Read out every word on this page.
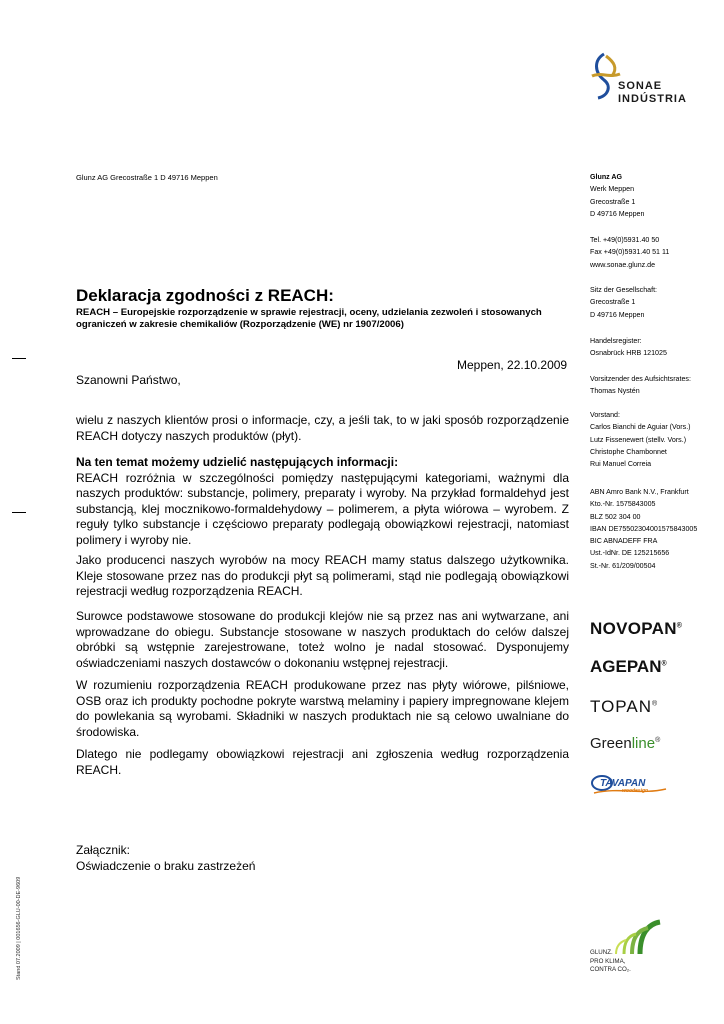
SONAE
INDÚSTRIA
Glunz AG Grecostraße 1 D 49716 Meppen	Glunz AG
Werk Meppen
Grecostraße 1
D 49716 Meppen
Tel. +49(0)5931.40 50
Fax +49(0)5931.40 51 11
www.sonae.glunz.de
Sitz der Gesellschaft:
Grecostraße 1
D 49716 Meppen
Handelsregister:
Osnabrück HRB 121025
Vorsitzender des Aufsichtsrates:
Thomas Nystén
Vorstand:
Carlos Bianchi de Aguiar (Vors.)
Lutz Fissenewert (stellv. Vors.)
Christophe Chambonnet
Rui Manuel Correia
ABN Amro Bank N.V., Frankfurt
Kto.-Nr. 1575843005
BLZ 502 304 00
IBAN DE75502304001575843005
BIC ABNADEFF FRA
Ust.-IdNr. DE 125215656
St.-Nr. 61/209/00504
Deklaracja zgodności z REACH:
REACH – Europejskie rozporządzenie w sprawie rejestracji, oceny, udzielania zezwoleń i stosowanych ograniczeń w zakresie chemikaliów (Rozporządzenie (WE) nr 1907/2006)
Meppen, 22.10.2009
Szanowni Państwo,
wielu z naszych klientów prosi o informacje, czy, a jeśli tak, to w jaki sposób rozporządzenie REACH dotyczy naszych produktów (płyt).
Na ten temat możemy udzielić następujących informacji:
REACH rozróżnia w szczególności pomiędzy następującymi kategoriami, ważnymi dla naszych produktów: substancje, polimery, preparaty i wyroby. Na przykład formaldehyd jest substancją, klej mocznikowo-formaldehydowy – polimerem, a płyta wiórowa – wyrobem. Z reguły tylko substancje i częściowo preparaty podlegają obowiązkowi rejestracji, natomiast polimery i wyroby nie.
Jako producenci naszych wyrobów na mocy REACH mamy status dalszego użytkownika. Kleje stosowane przez nas do produkcji płyt są polimerami, stąd nie podlegają obowiązkowi rejestracji według rozporządzenia REACH.
Surowce podstawowe stosowane do produkcji klejów nie są przez nas ani wytwarzane, ani wprowadzane do obiegu. Substancje stosowane w naszych produktach do celów dalszej obróbki są wstępnie zarejestrowane, toteż wolno je nadal stosować. Dysponujemy oświadczeniami naszych dostawców o dokonaniu wstępnej rejestracji.
W rozumieniu rozporządzenia REACH produkowane przez nas płyty wiórowe, pilśniowe, OSB oraz ich produkty pochodne pokryte warstwą melaminy i papiery impregnowane klejem do powlekania są wyrobami. Składniki w naszych produktach nie są celowo uwalniane do środowiska.
Dlatego nie podlegamy obowiązkowi rejestracji ani zgłoszenia według rozporządzenia REACH.
Załącznik:
Oświadczenie o braku zastrzeżeń
NOVOPAN®
AGEPAN®
TOPAN®
Greenline®
TAVAPAN
woodesign
GLUNZ.
PRO KLIMA,
CONTRA CO₂.
Stand 07.2009 | 001656-GLU-00-DE-9609
